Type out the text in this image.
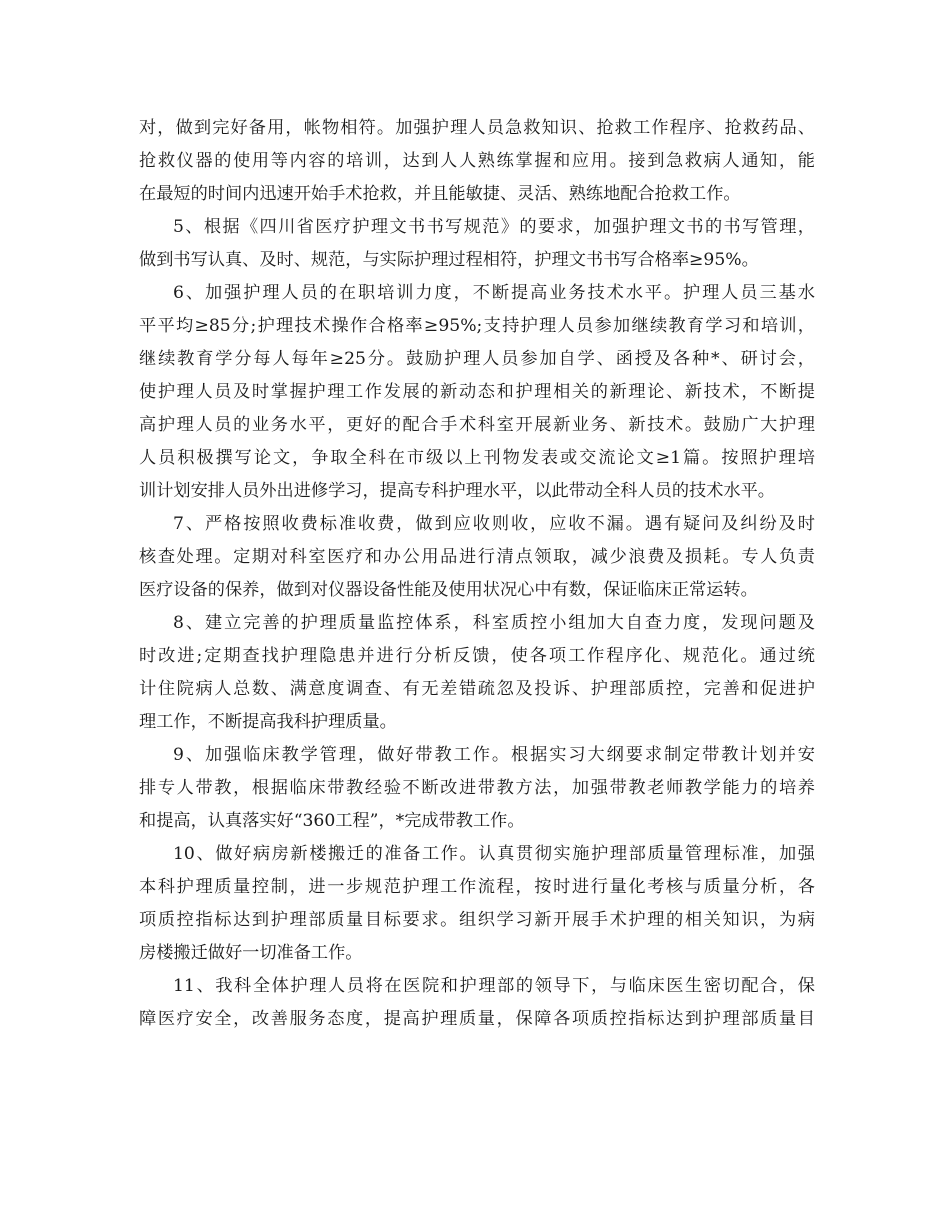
对，做到完好备用，帐物相符。加强护理人员急救知识、抢救工作程序、抢救药品、
抢救仪器的使用等内容的培训，达到人人熟练掌握和应用。接到急救病人通知，能
在最短的时间内迅速开始手术抢救，并且能敏捷、灵活、熟练地配合抢救工作。
5、根据《四川省医疗护理文书书写规范》的要求，加强护理文书的书写管理，
做到书写认真、及时、规范，与实际护理过程相符，护理文书书写合格率≥95%。
6、加强护理人员的在职培训力度，不断提高业务技术水平。护理人员三基水
平平均≥85分;护理技术操作合格率≥95%;支持护理人员参加继续教育学习和培训，
继续教育学分每人每年≥25分。鼓励护理人员参加自学、函授及各种*、研讨会，
使护理人员及时掌握护理工作发展的新动态和护理相关的新理论、新技术，不断提
高护理人员的业务水平，更好的配合手术科室开展新业务、新技术。鼓励广大护理
人员积极撰写论文，争取全科在市级以上刊物发表或交流论文≥1篇。按照护理培
训计划安排人员外出进修学习，提高专科护理水平，以此带动全科人员的技术水平。
7、严格按照收费标准收费，做到应收则收，应收不漏。遇有疑问及纠纷及时
核查处理。定期对科室医疗和办公用品进行清点领取，减少浪费及损耗。专人负责
医疗设备的保养，做到对仪器设备性能及使用状况心中有数，保证临床正常运转。
8、建立完善的护理质量监控体系，科室质控小组加大自查力度，发现问题及
时改进;定期查找护理隐患并进行分析反馈，使各项工作程序化、规范化。通过统
计住院病人总数、满意度调查、有无差错疏忽及投诉、护理部质控，完善和促进护
理工作，不断提高我科护理质量。
9、加强临床教学管理，做好带教工作。根据实习大纲要求制定带教计划并安
排专人带教，根据临床带教经验不断改进带教方法，加强带教老师教学能力的培养
和提高，认真落实好“360工程”，*完成带教工作。
10、做好病房新楼搬迁的准备工作。认真贯彻实施护理部质量管理标准，加强
本科护理质量控制，进一步规范护理工作流程，按时进行量化考核与质量分析，各
项质控指标达到护理部质量目标要求。组织学习新开展手术护理的相关知识，为病
房楼搬迁做好一切准备工作。
11、我科全体护理人员将在医院和护理部的领导下，与临床医生密切配合，保
障医疗安全，改善服务态度，提高护理质量，保障各项质控指标达到护理部质量目
